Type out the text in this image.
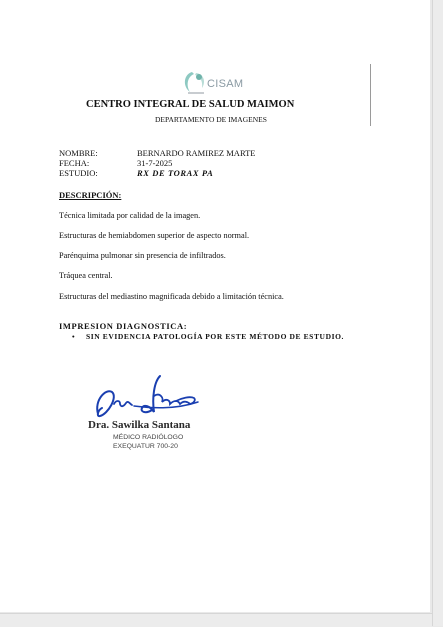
CISAM
CENTRO INTEGRAL DE SALUD MAIMON
DEPARTAMENTO DE IMAGENES
NOMBRE:	BERNARDO RAMIREZ MARTE
FECHA:	31-7-2025
ESTUDIO:	RX DE TORAX PA
DESCRIPCIÓN:
Técnica limitada por calidad de la imagen.
Estructuras de hemiabdomen superior de aspecto normal.
Parénquima pulmonar sin presencia de infiltrados.
Tráquea central.
Estructuras del mediastino magnificada debido a limitación técnica.
IMPRESION DIAGNOSTICA:
• SIN EVIDENCIA PATOLOGÍA POR ESTE MÉTODO DE ESTUDIO.
Dra. Sawilka Santana
MÉDICO RADIÓLOGO
EXEQUATUR 700-20
